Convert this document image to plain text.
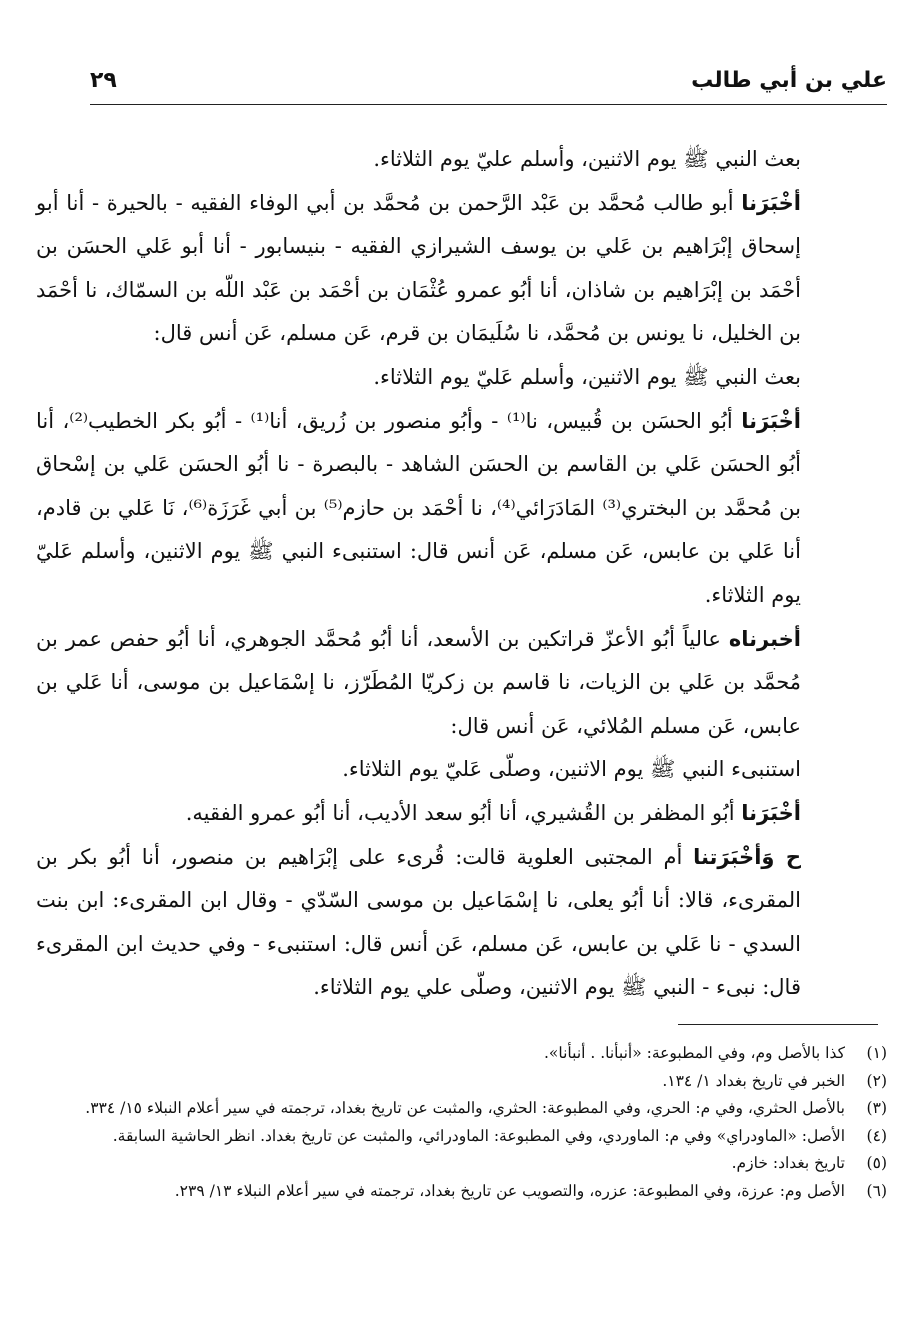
علي بن أبي طالب
٢٩

بعث النبي ﷺ يوم الاثنين، وأسلم عليّ يوم الثلاثاء.

أخْبَرَنا أبو طالب مُحمَّد بن عَبْد الرَّحمن بن مُحمَّد بن أبي الوفاء الفقيه - بالحيرة - أنا أبو إسحاق إبْرَاهيم بن عَلي بن يوسف الشيرازي الفقيه - بنيسابور - أنا أبو عَلي الحسَن بن أحْمَد بن إبْرَاهيم بن شاذان، أنا أبُو عمرو عُثْمَان بن أحْمَد بن عَبْد اللّه بن السمّاك، نا أحْمَد بن الخليل، نا يونس بن مُحمَّد، نا سُلَيمَان بن قرم، عَن مسلم، عَن أنس قال:

بعث النبي ﷺ يوم الاثنين، وأسلم عَليّ يوم الثلاثاء.

أخْبَرَنا أبُو الحسَن بن قُبيس، نا⁽¹⁾ - وأبُو منصور بن زُريق، أنا⁽¹⁾ - أبُو بكر الخطيب⁽²⁾، أنا أبُو الحسَن عَلي بن القاسم بن الحسَن الشاهد - بالبصرة - نا أبُو الحسَن عَلي بن إسْحاق بن مُحمَّد بن البختري⁽³⁾ المَادَرَائي⁽⁴⁾، نا أحْمَد بن حازم⁽⁵⁾ بن أبي غَرَزَة⁽⁶⁾، نَا عَلي بن قادم، أنا عَلي بن عابس، عَن مسلم، عَن أنس قال: استنبىء النبي ﷺ يوم الاثنين، وأسلم عَليّ يوم الثلاثاء.

أخبرناه عالياً أبُو الأعزّ قراتكين بن الأسعد، أنا أبُو مُحمَّد الجوهري، أنا أبُو حفص عمر بن مُحمَّد بن عَلي بن الزيات، نا قاسم بن زكريّا المُطَرّز، نا إسْمَاعيل بن موسى، أنا عَلي بن عابس، عَن مسلم المُلائي، عَن أنس قال:

استنبىء النبي ﷺ يوم الاثنين، وصلّى عَليّ يوم الثلاثاء.

أخْبَرَنا أبُو المظفر بن القُشيري، أنا أبُو سعد الأديب، أنا أبُو عمرو الفقيه.

ح وَأخْبَرَتنا أم المجتبى العلوية قالت: قُرىء على إبْرَاهيم بن منصور، أنا أبُو بكر بن المقرىء، قالا: أنا أبُو يعلى، نا إسْمَاعيل بن موسى السّدّي - وقال ابن المقرىء: ابن بنت السدي - نا عَلي بن عابس، عَن مسلم، عَن أنس قال: استنبىء - وفي حديث ابن المقرىء قال: نبىء - النبي ﷺ يوم الاثنين، وصلّى علي يوم الثلاثاء.

(١)
كذا بالأصل وم، وفي المطبوعة: «أنبأنا. . أنبأنا».
(٢)
الخبر في تاريخ بغداد ١/ ١٣٤.
(٣)
بالأصل الحثري، وفي م: الحري، وفي المطبوعة: الحثري، والمثبت عن تاريخ بغداد، ترجمته في سير أعلام النبلاء ١٥/ ٣٣٤.
(٤)
الأصل: «الماودراي» وفي م: الماوردي، وفي المطبوعة: الماودرائي، والمثبت عن تاريخ بغداد. انظر الحاشية السابقة.
(٥)
تاريخ بغداد: خازم.
(٦)
الأصل وم: عرزة، وفي المطبوعة: عزره، والتصويب عن تاريخ بغداد، ترجمته في سير أعلام النبلاء ١٣/ ٢٣٩.
